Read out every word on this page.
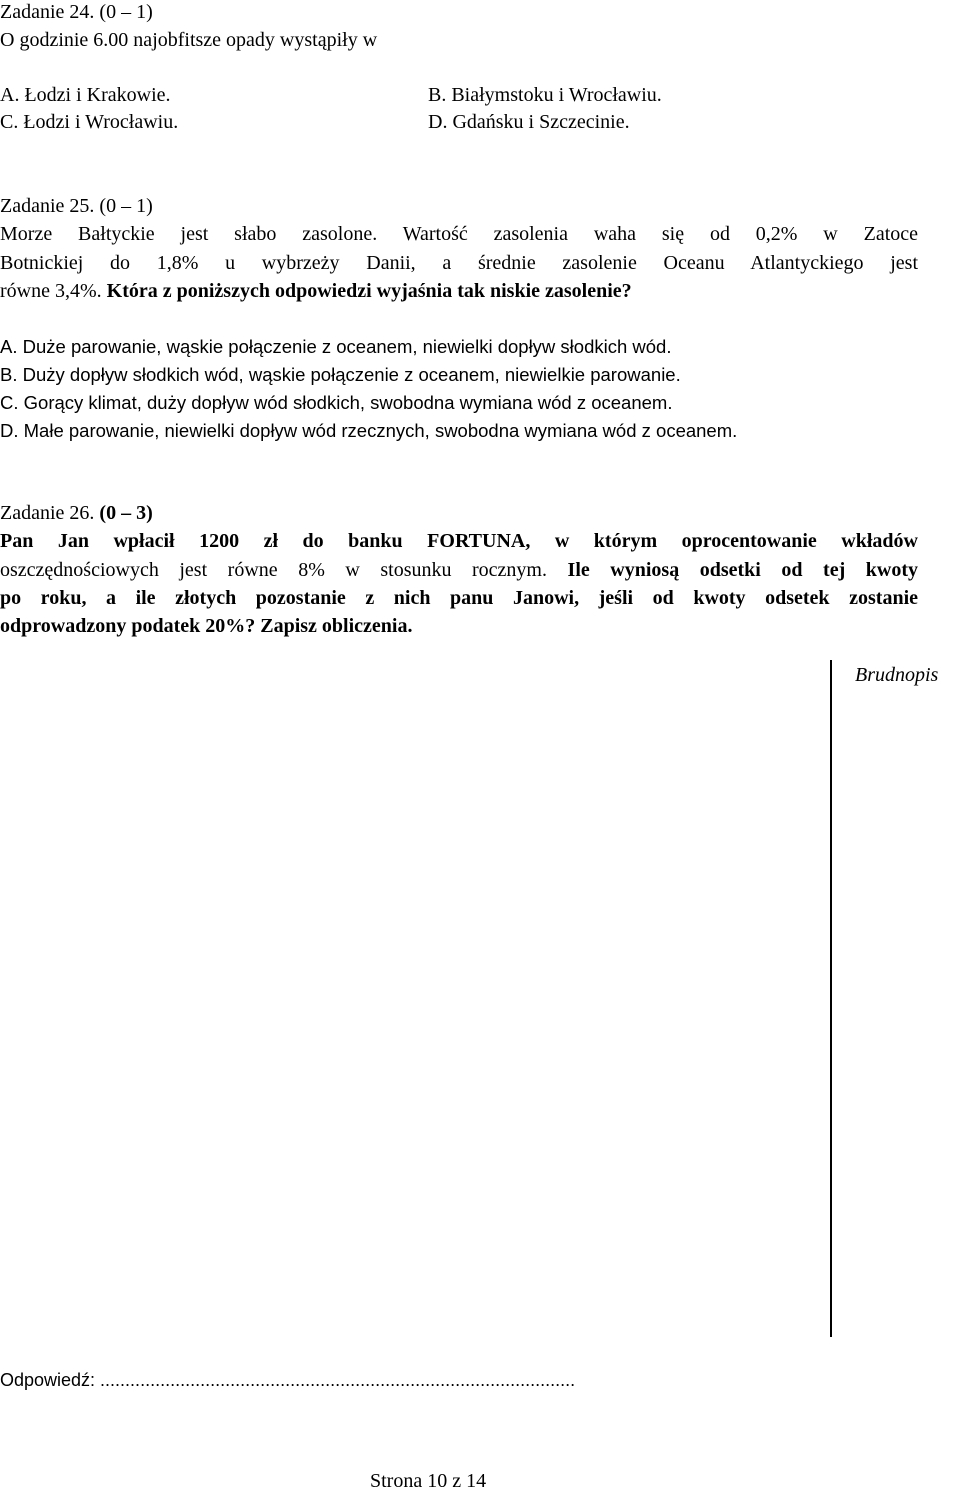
Zadanie 24. (0 – 1)
O godzinie 6.00 najobfitsze opady wystąpiły w
A. Łodzi i Krakowie.	B. Białymstoku i Wrocławiu.
C. Łodzi i Wrocławiu.	D. Gdańsku i Szczecinie.
Zadanie 25. (0 – 1)
Morze Bałtyckie jest słabo zasolone. Wartość zasolenia waha się od 0,2% w Zatoce
Botnickiej do 1,8% u wybrzeży Danii, a średnie zasolenie Oceanu Atlantyckiego jest
równe 3,4%. Która z poniższych odpowiedzi wyjaśnia tak niskie zasolenie?
A. Duże parowanie, wąskie połączenie z oceanem, niewielki dopływ słodkich wód.
B. Duży dopływ słodkich wód, wąskie połączenie z oceanem, niewielkie parowanie.
C. Gorący klimat, duży dopływ wód słodkich, swobodna wymiana wód z oceanem.
D. Małe parowanie, niewielki dopływ wód rzecznych, swobodna wymiana wód z oceanem.
Zadanie 26. (0 – 3)
Pan Jan wpłacił 1200 zł do banku FORTUNA, w którym oprocentowanie wkładów
oszczędnościowych jest równe 8% w stosunku rocznym. Ile wyniosą odsetki od tej kwoty
po roku, a ile złotych pozostanie z nich panu Janowi, jeśli od kwoty odsetek zostanie
odprowadzony podatek 20%? Zapisz obliczenia.
Brudnopis
Odpowiedź: ...............................................................................................
Strona 10 z 14
